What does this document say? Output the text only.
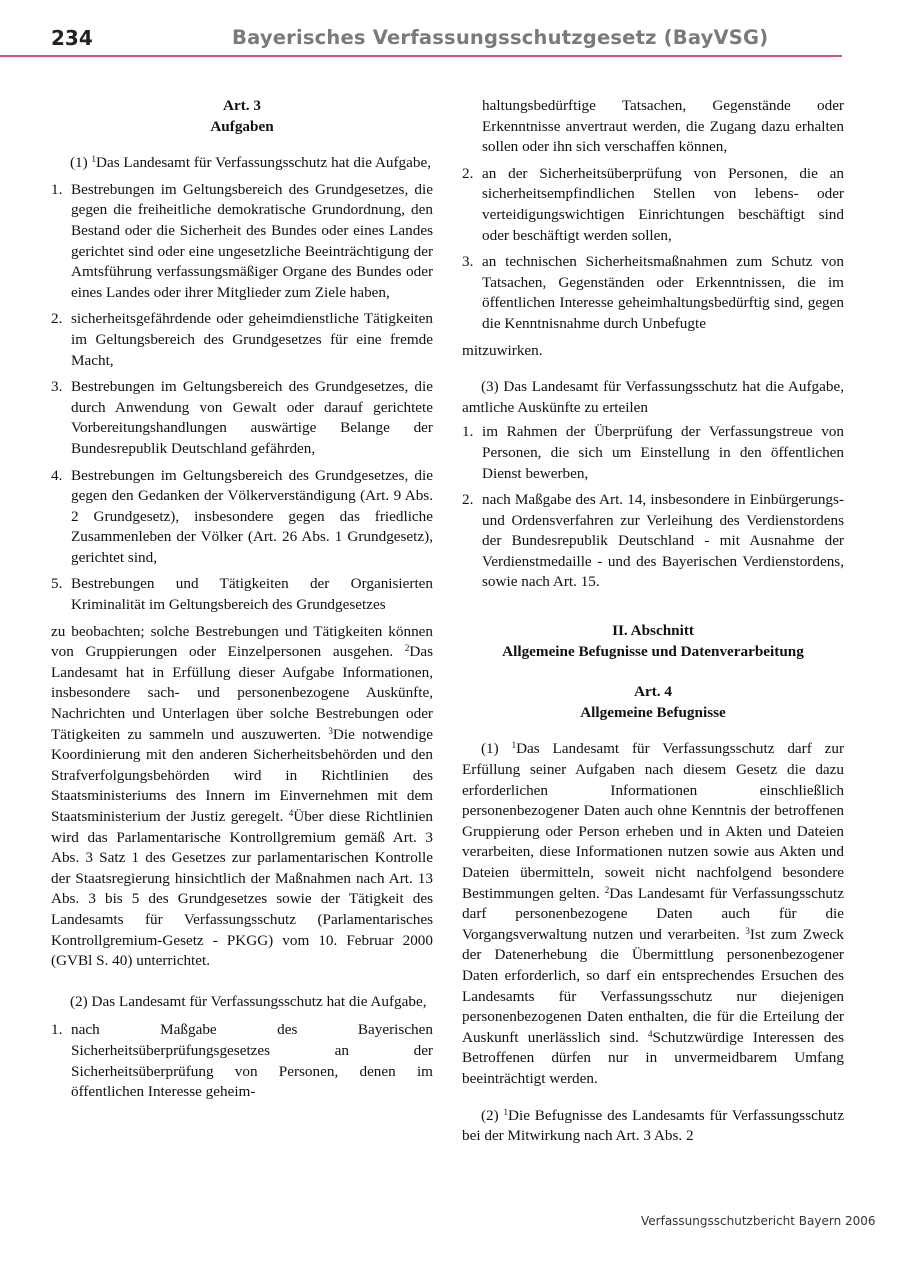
234	Bayerisches Verfassungsschutzgesetz (BayVSG)

Art. 3

Aufgaben

(1) $^1$Das Landesamt für Verfassungsschutz hat die Aufgabe,

1. Bestrebungen im Geltungsbereich des Grundgesetzes, die gegen die freiheitliche demokratische Grundordnung, den Bestand oder die Sicherheit des Bundes oder eines Landes gerichtet sind oder eine ungesetzliche Beeinträchtigung der Amtsführung verfassungsmäßiger Organe des Bundes oder eines Landes oder ihrer Mitglieder zum Ziele haben,
2. sicherheitsgefährdende oder geheimdienstliche Tätigkeiten im Geltungsbereich des Grundgesetzes für eine fremde Macht,
3. Bestrebungen im Geltungsbereich des Grundgesetzes, die durch Anwendung von Gewalt oder darauf gerichtete Vorbereitungshandlungen auswärtige Belange der Bundesrepublik Deutschland gefährden,
4. Bestrebungen im Geltungsbereich des Grundgesetzes, die gegen den Gedanken der Völkerverständigung (Art. 9 Abs. 2 Grundgesetz), insbesondere gegen das friedliche Zusammenleben der Völker (Art. 26 Abs. 1 Grundgesetz), gerichtet sind,
5. Bestrebungen und Tätigkeiten der Organisierten Kriminalität im Geltungsbereich des Grundgesetzes

zu beobachten; solche Bestrebungen und Tätigkeiten können von Gruppierungen oder Einzelpersonen ausgehen. $^2$Das Landesamt hat in Erfüllung dieser Aufgabe Informationen, insbesondere sach- und personenbezogene Auskünfte, Nachrichten und Unterlagen über solche Bestrebungen oder Tätigkeiten zu sammeln und auszuwerten. $^3$Die notwendige Koordinierung mit den anderen Sicherheitsbehörden und den Strafverfolgungsbehörden wird in Richtlinien des Staatsministeriums des Innern im Einvernehmen mit dem Staatsministerium der Justiz geregelt. $^4$Über diese Richtlinien wird das Parlamentarische Kontrollgremium gemäß Art. 3 Abs. 3 Satz 1 des Gesetzes zur parlamentarischen Kontrolle der Staatsregierung hinsichtlich der Maßnahmen nach Art. 13 Abs. 3 bis 5 des Grundgesetzes sowie der Tätigkeit des Landesamts für Verfassungsschutz (Parlamentarisches Kontrollgremium-Gesetz - PKGG) vom 10. Februar 2000 (GVBl S. 40) unterrichtet.

(2) Das Landesamt für Verfassungsschutz hat die Aufgabe,

1. nach Maßgabe des Bayerischen Sicherheitsüberprüfungsgesetzes an der Sicherheitsüberprüfung von Personen, denen im öffentlichen Interesse geheim-

haltungsbedürftige Tatsachen, Gegenstände oder Erkenntnisse anvertraut werden, die Zugang dazu erhalten sollen oder ihn sich verschaffen können,

2. an der Sicherheitsüberprüfung von Personen, die an sicherheitsempfindlichen Stellen von lebens- oder verteidigungswichtigen Einrichtungen beschäftigt sind oder beschäftigt werden sollen,
3. an technischen Sicherheitsmaßnahmen zum Schutz von Tatsachen, Gegenständen oder Erkenntnissen, die im öffentlichen Interesse geheimhaltungsbedürftig sind, gegen die Kenntnisnahme durch Unbefugte

mitzuwirken.

(3) Das Landesamt für Verfassungsschutz hat die Aufgabe, amtliche Auskünfte zu erteilen

1. im Rahmen der Überprüfung der Verfassungstreue von Personen, die sich um Einstellung in den öffentlichen Dienst bewerben,
2. nach Maßgabe des Art. 14, insbesondere in Einbürgerungs- und Ordensverfahren zur Verleihung des Verdienstordens der Bundesrepublik Deutschland - mit Ausnahme der Verdienstmedaille - und des Bayerischen Verdienstordens, sowie nach Art. 15.

II. Abschnitt

Allgemeine Befugnisse und Datenverarbeitung

Art. 4

Allgemeine Befugnisse

(1) $^1$Das Landesamt für Verfassungsschutz darf zur Erfüllung seiner Aufgaben nach diesem Gesetz die dazu erforderlichen Informationen einschließlich personenbezogener Daten auch ohne Kenntnis der betroffenen Gruppierung oder Person erheben und in Akten und Dateien verarbeiten, diese Informationen nutzen sowie aus Akten und Dateien übermitteln, soweit nicht nachfolgend besondere Bestimmungen gelten. $^2$Das Landesamt für Verfassungsschutz darf personenbezogene Daten auch für die Vorgangsverwaltung nutzen und verarbeiten. $^3$Ist zum Zweck der Datenerhebung die Übermittlung personenbezogener Daten erforderlich, so darf ein entsprechendes Ersuchen des Landesamts für Verfassungsschutz nur diejenigen personenbezogenen Daten enthalten, die für die Erteilung der Auskunft unerlässlich sind. $^4$Schutzwürdige Interessen des Betroffenen dürfen nur in unvermeidbarem Umfang beeinträchtigt werden.

(2) $^1$Die Befugnisse des Landesamts für Verfassungsschutz bei der Mitwirkung nach Art. 3 Abs. 2

Verfassungsschutzbericht Bayern 2006
